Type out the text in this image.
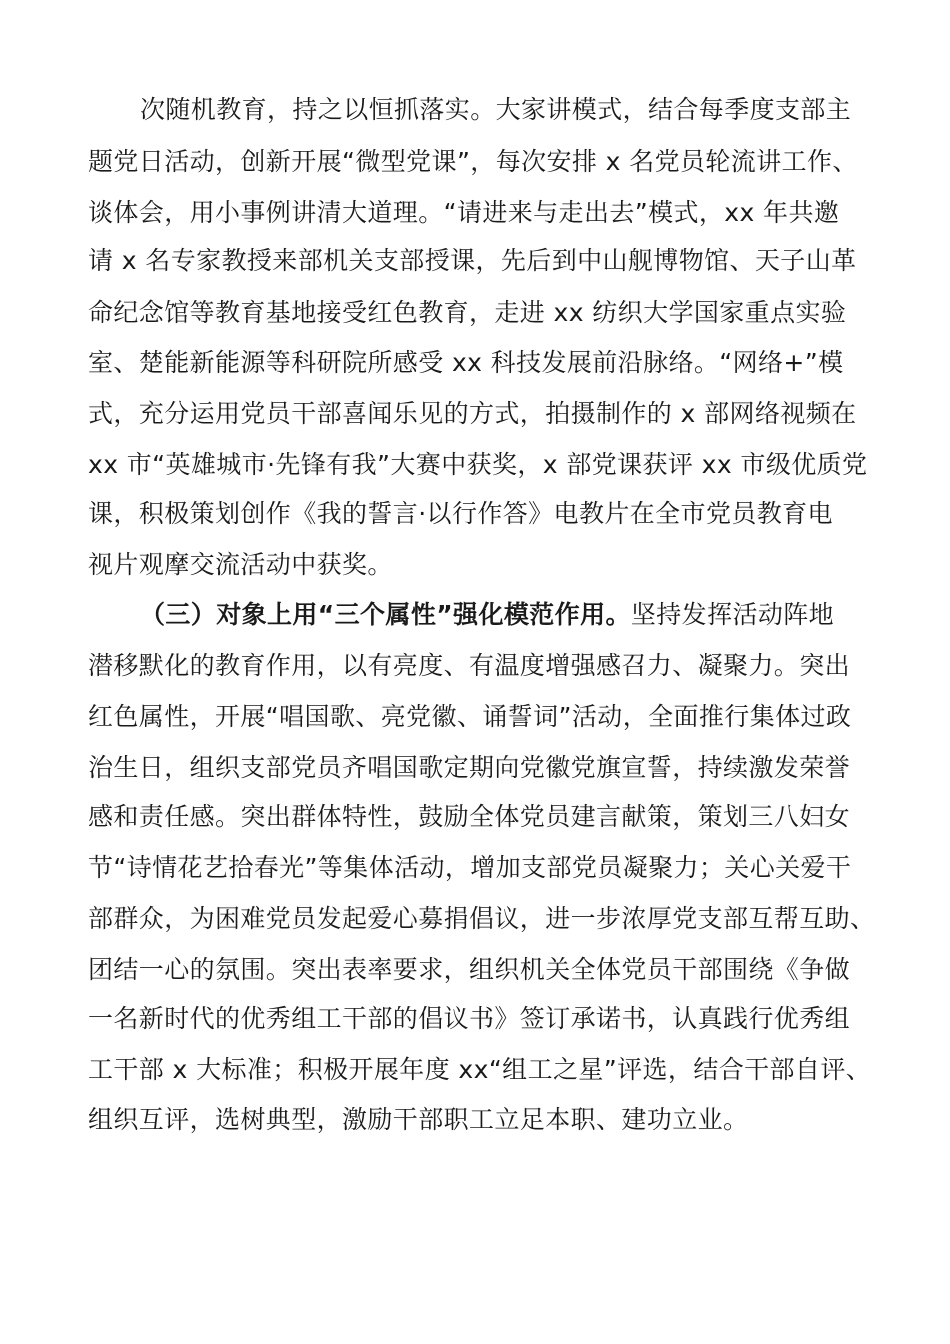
次随机教育，持之以恒抓落实。大家讲模式，结合每季度支部主
题党日活动，创新开展“微型党课”，每次安排 x 名党员轮流讲工作、
谈体会，用小事例讲清大道理。“请进来与走出去”模式，xx 年共邀
请 x 名专家教授来部机关支部授课，先后到中山舰博物馆、天子山革
命纪念馆等教育基地接受红色教育，走进 xx 纺织大学国家重点实验
室、楚能新能源等科研院所感受 xx 科技发展前沿脉络。“网络+”模
式，充分运用党员干部喜闻乐见的方式，拍摄制作的 x 部网络视频在
xx 市“英雄城市·先锋有我”大赛中获奖，x 部党课获评 xx 市级优质党
课，积极策划创作《我的誓言·以行作答》电教片在全市党员教育电
视片观摩交流活动中获奖。
（三）对象上用“三个属性”强化模范作用。坚持发挥活动阵地
潜移默化的教育作用，以有亮度、有温度增强感召力、凝聚力。突出
红色属性，开展“唱国歌、亮党徽、诵誓词”活动，全面推行集体过政
治生日，组织支部党员齐唱国歌定期向党徽党旗宣誓，持续激发荣誉
感和责任感。突出群体特性，鼓励全体党员建言献策，策划三八妇女
节“诗情花艺拾春光”等集体活动，增加支部党员凝聚力；关心关爱干
部群众，为困难党员发起爱心募捐倡议，进一步浓厚党支部互帮互助、
团结一心的氛围。突出表率要求，组织机关全体党员干部围绕《争做
一名新时代的优秀组工干部的倡议书》签订承诺书，认真践行优秀组
工干部 x 大标准；积极开展年度 xx“组工之星”评选，结合干部自评、
组织互评，选树典型，激励干部职工立足本职、建功立业。
